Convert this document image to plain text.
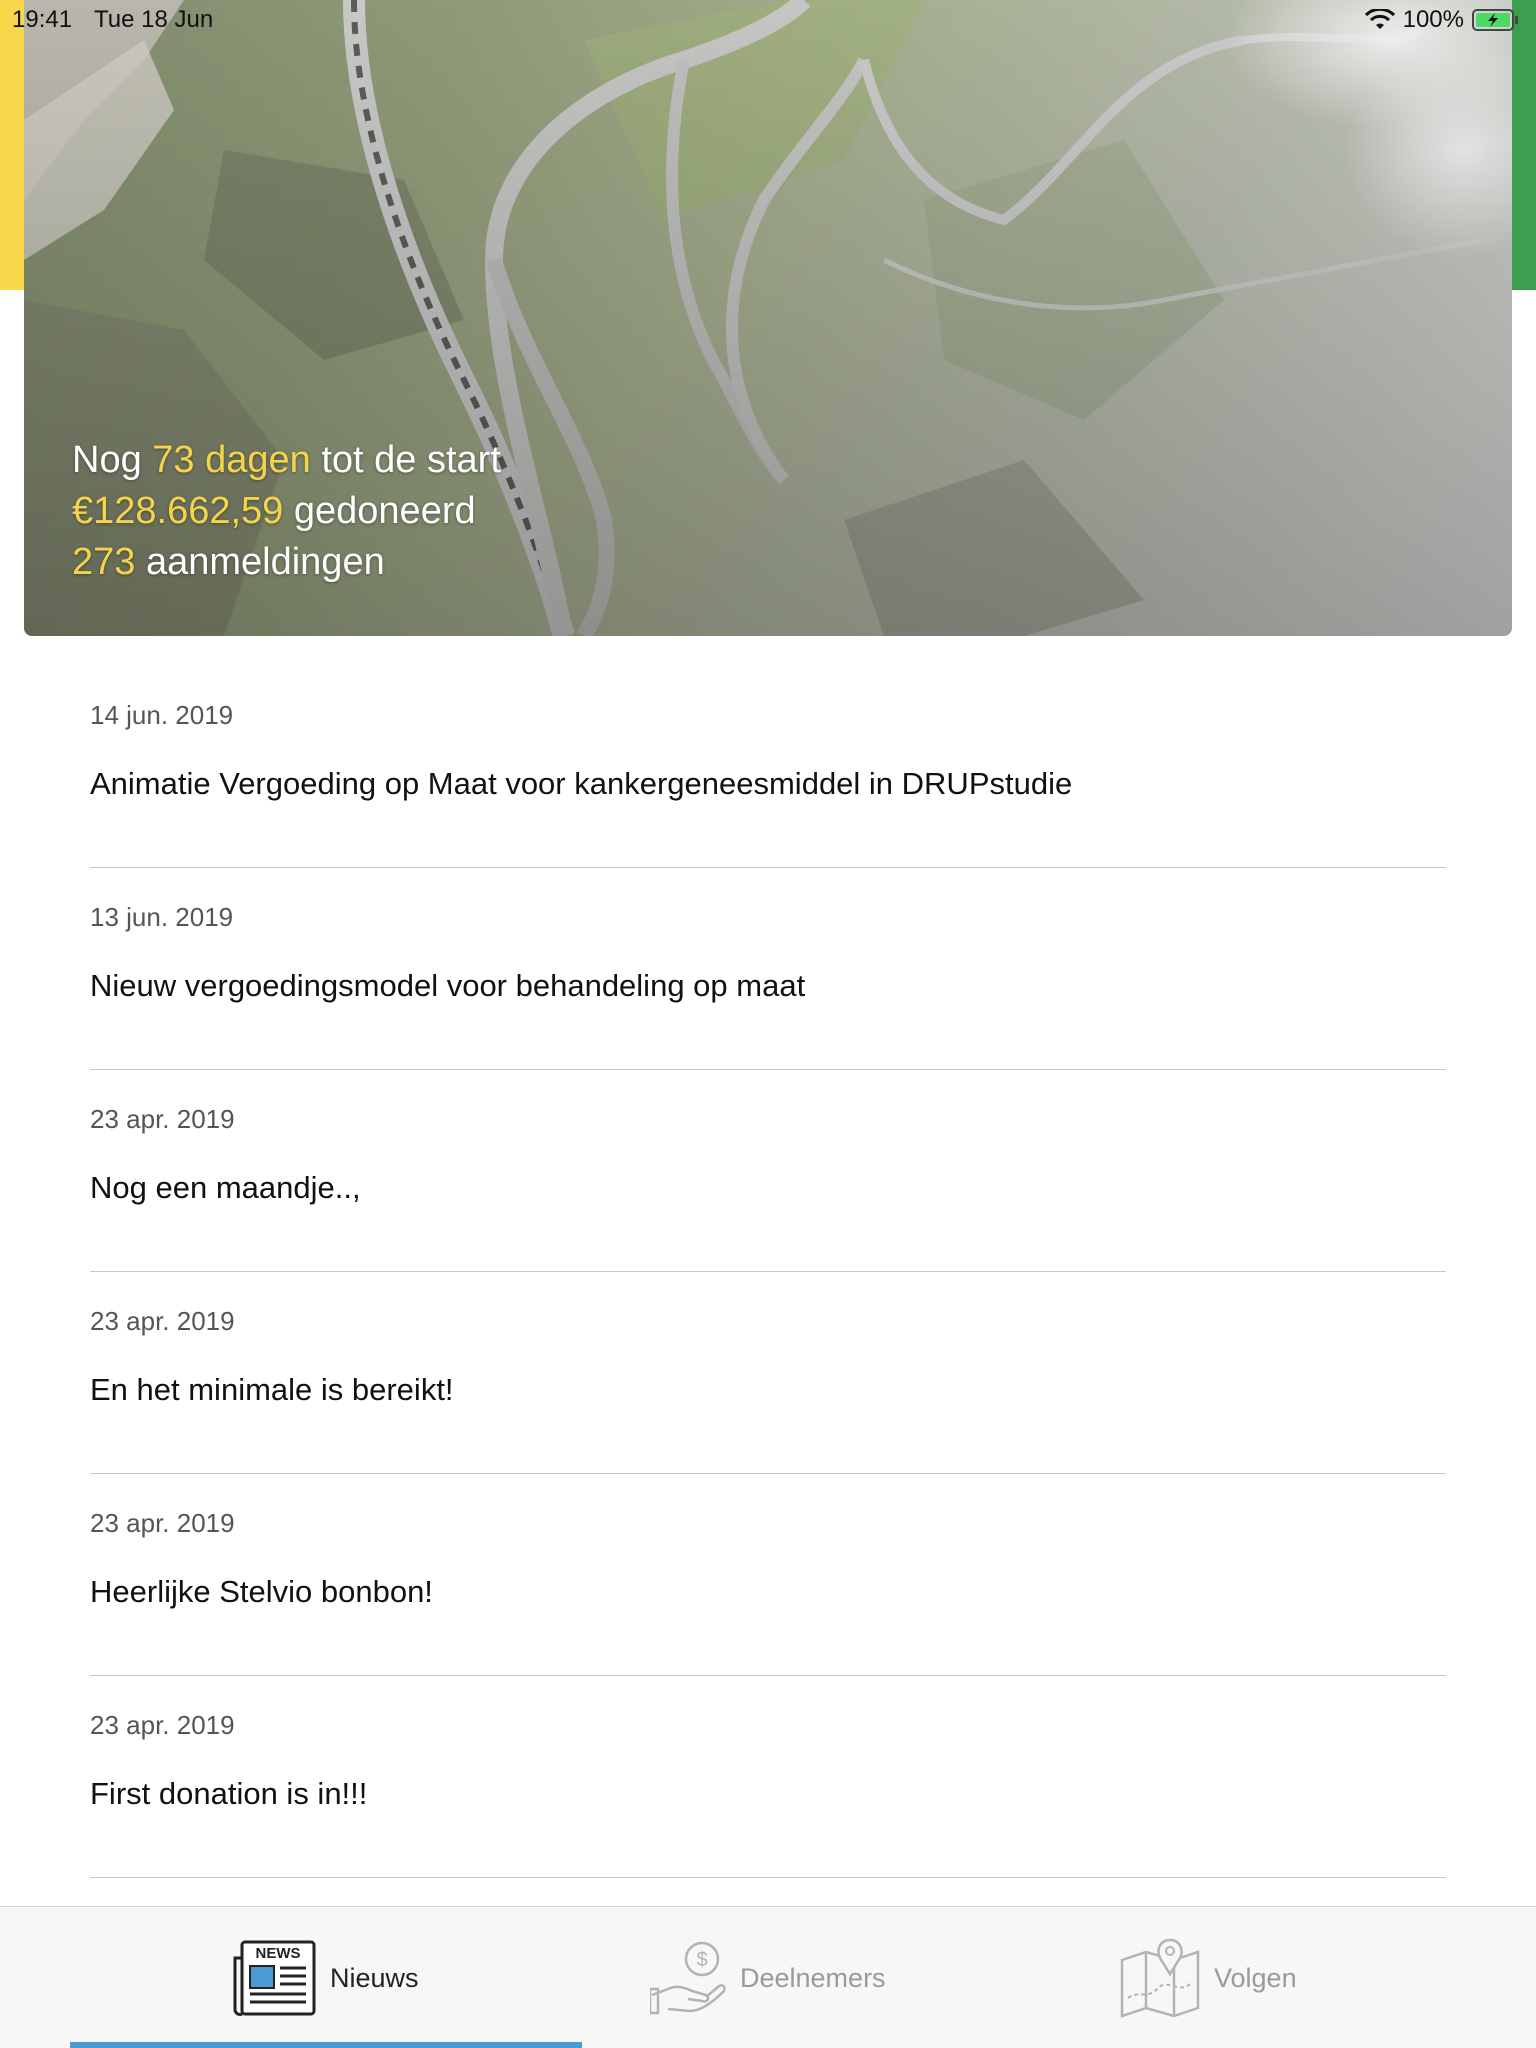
Nog 73 dagen tot de start
€128.662,59 gedoneerd
273 aanmeldingen
19:41 Tue 18 Jun	100%
14 jun. 2019
Animatie Vergoeding op Maat voor kankergeneesmiddel in DRUPstudie
13 jun. 2019
Nieuw vergoedingsmodel voor behandeling op maat
23 apr. 2019
Nog een maandje..,
23 apr. 2019
En het minimale is bereikt!
23 apr. 2019
Heerlijke Stelvio bonbon!
23 apr. 2019
First donation is in!!!
NEWS
Nieuws
$
Deelnemers	Volgen
